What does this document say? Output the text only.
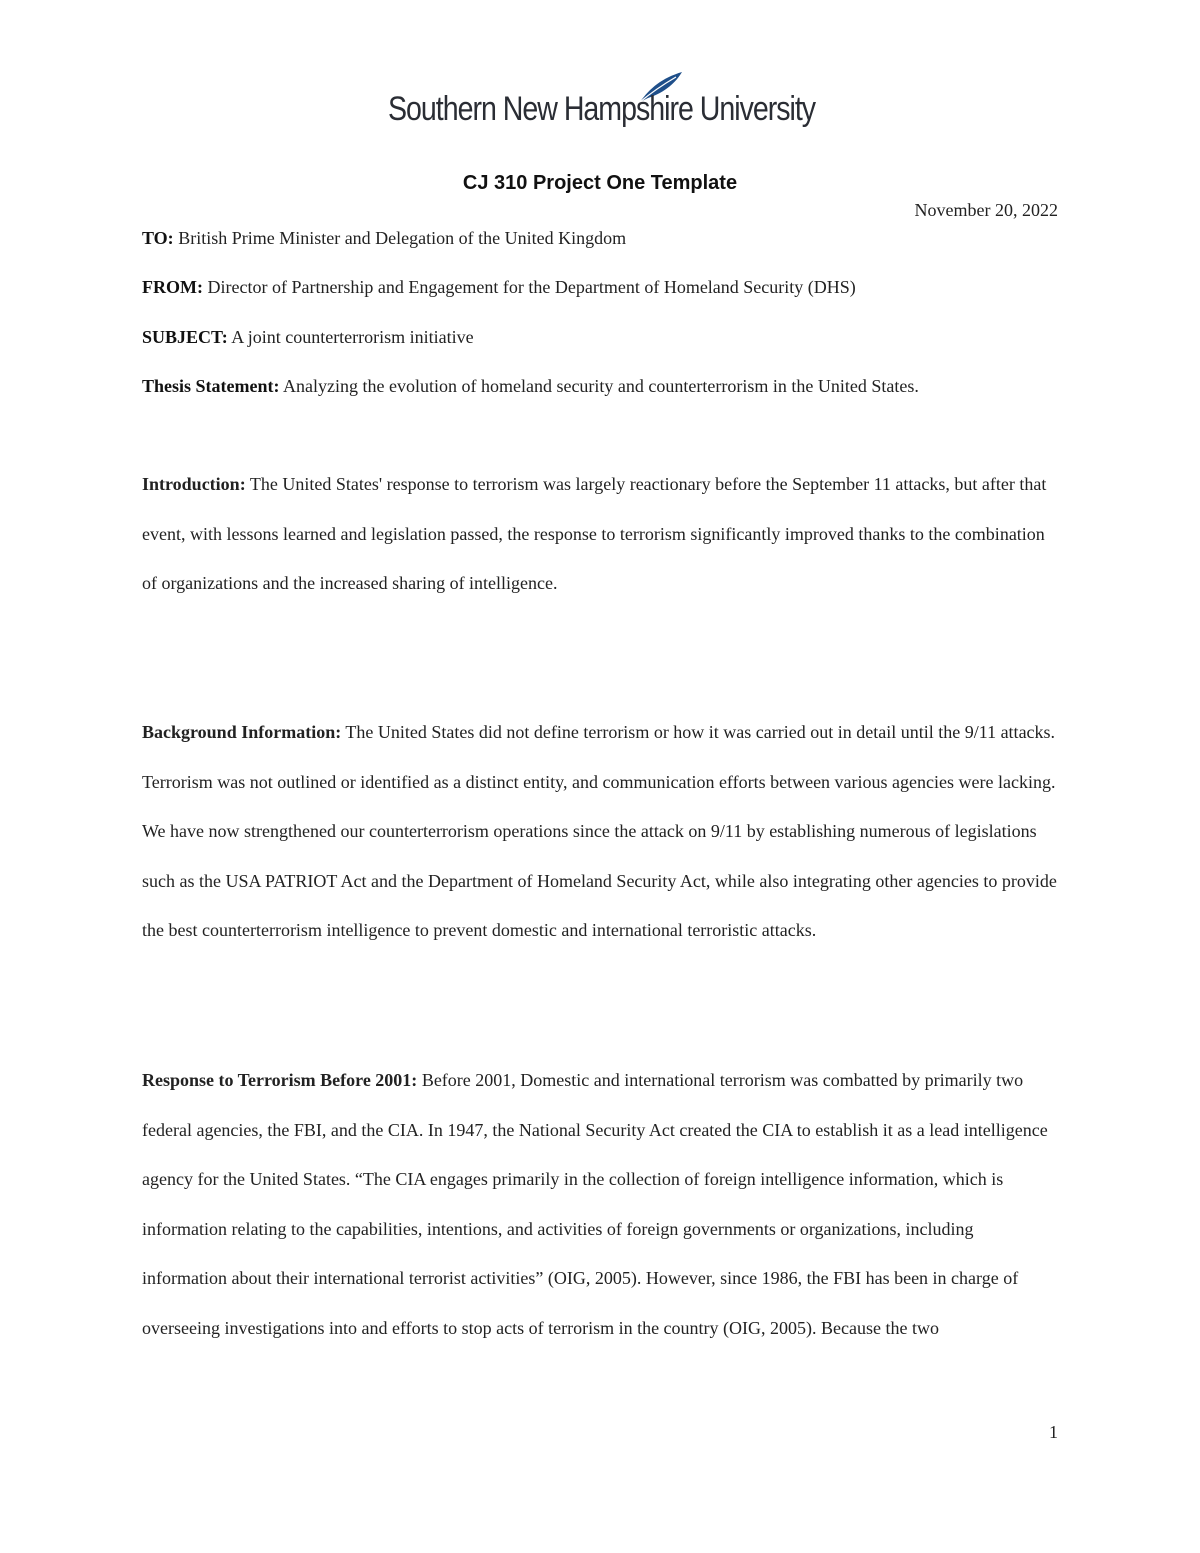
Southern New Hampshire University
CJ 310 Project One Template
November 20, 2022
TO: British Prime Minister and Delegation of the United Kingdom
FROM: Director of Partnership and Engagement for the Department of Homeland Security (DHS)
SUBJECT: A joint counterterrorism initiative
Thesis Statement: Analyzing the evolution of homeland security and counterterrorism in the United States.
Introduction: The United States' response to terrorism was largely reactionary before the September 11 attacks, but after that event, with lessons learned and legislation passed, the response to terrorism significantly improved thanks to the combination of organizations and the increased sharing of intelligence.
Background Information: The United States did not define terrorism or how it was carried out in detail until the 9/11 attacks. Terrorism was not outlined or identified as a distinct entity, and communication efforts between various agencies were lacking. We have now strengthened our counterterrorism operations since the attack on 9/11 by establishing numerous of legislations such as the USA PATRIOT Act and the Department of Homeland Security Act, while also integrating other agencies to provide the best counterterrorism intelligence to prevent domestic and international terroristic attacks.
Response to Terrorism Before 2001: Before 2001, Domestic and international terrorism was combatted by primarily two federal agencies, the FBI, and the CIA. In 1947, the National Security Act created the CIA to establish it as a lead intelligence agency for the United States. “The CIA engages primarily in the collection of foreign intelligence information, which is information relating to the capabilities, intentions, and activities of foreign governments or organizations, including information about their international terrorist activities” (OIG, 2005). However, since 1986, the FBI has been in charge of overseeing investigations into and efforts to stop acts of terrorism in the country (OIG, 2005). Because the two
1
